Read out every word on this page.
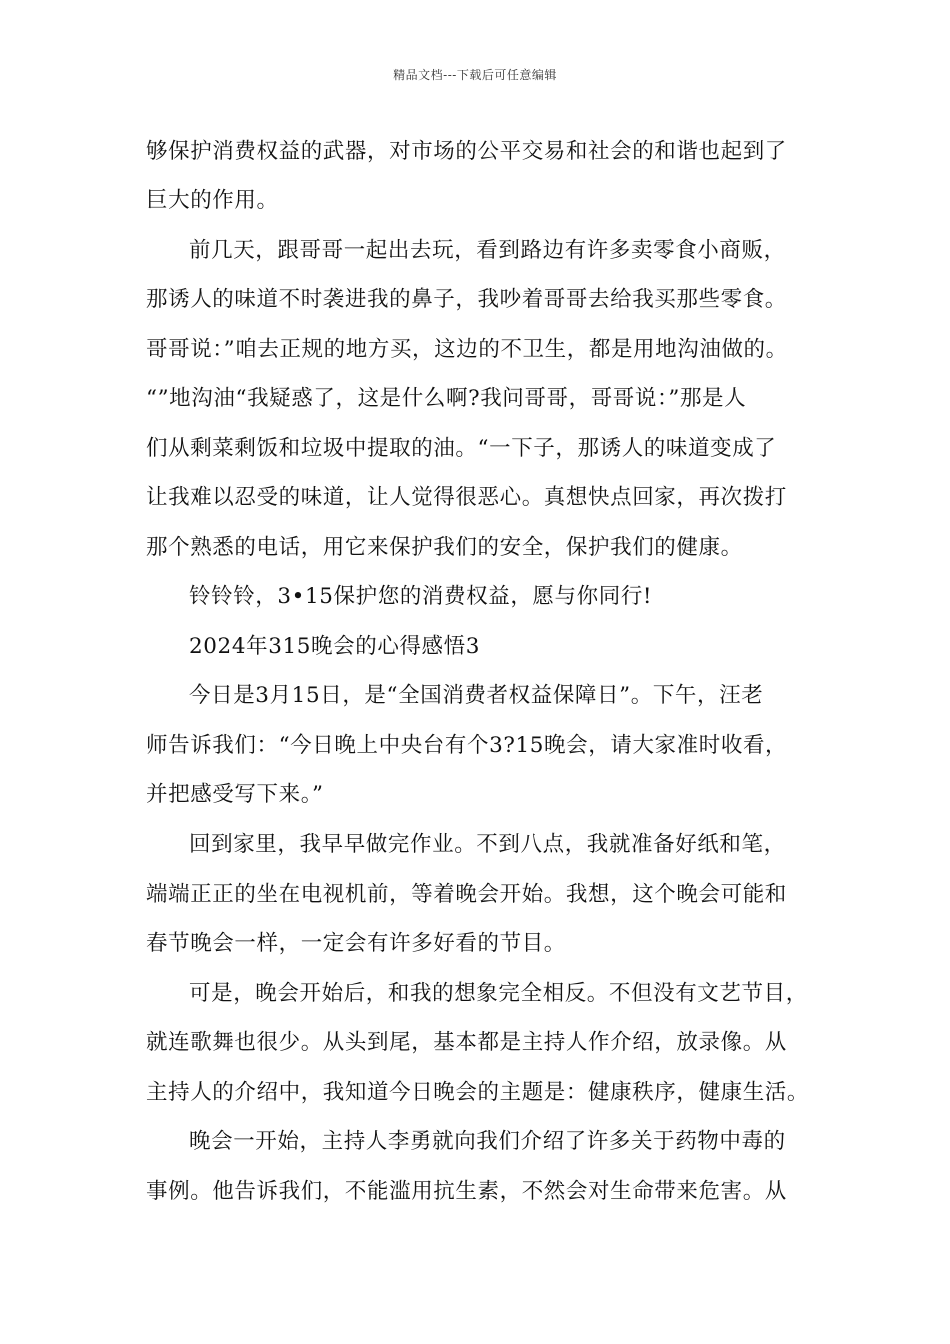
精品文档---下载后可任意编辑
够保护消费权益的武器，对市场的公平交易和社会的和谐也起到了
巨大的作用。
前几天，跟哥哥一起出去玩，看到路边有许多卖零食小商贩，
那诱人的味道不时袭进我的鼻子，我吵着哥哥去给我买那些零食。
哥哥说：”咱去正规的地方买，这边的不卫生，都是用地沟油做的。
“”地沟油“我疑惑了，这是什么啊?我问哥哥，哥哥说：”那是人
们从剩菜剩饭和垃圾中提取的油。“一下子，那诱人的味道变成了
让我难以忍受的味道，让人觉得很恶心。真想快点回家，再次拨打
那个熟悉的电话，用它来保护我们的安全，保护我们的健康。
铃铃铃，3•15保护您的消费权益，愿与你同行!
2024年315晚会的心得感悟3
今日是3月15日，是“全国消费者权益保障日”。下午，汪老
师告诉我们：“今日晚上中央台有个3?15晚会，请大家准时收看，
并把感受写下来。”
回到家里，我早早做完作业。不到八点，我就准备好纸和笔，
端端正正的坐在电视机前，等着晚会开始。我想，这个晚会可能和
春节晚会一样，一定会有许多好看的节目。
可是，晚会开始后，和我的想象完全相反。不但没有文艺节目，
就连歌舞也很少。从头到尾，基本都是主持人作介绍，放录像。从
主持人的介绍中，我知道今日晚会的主题是：健康秩序，健康生活。
晚会一开始，主持人李勇就向我们介绍了许多关于药物中毒的
事例。他告诉我们，不能滥用抗生素，不然会对生命带来危害。从
